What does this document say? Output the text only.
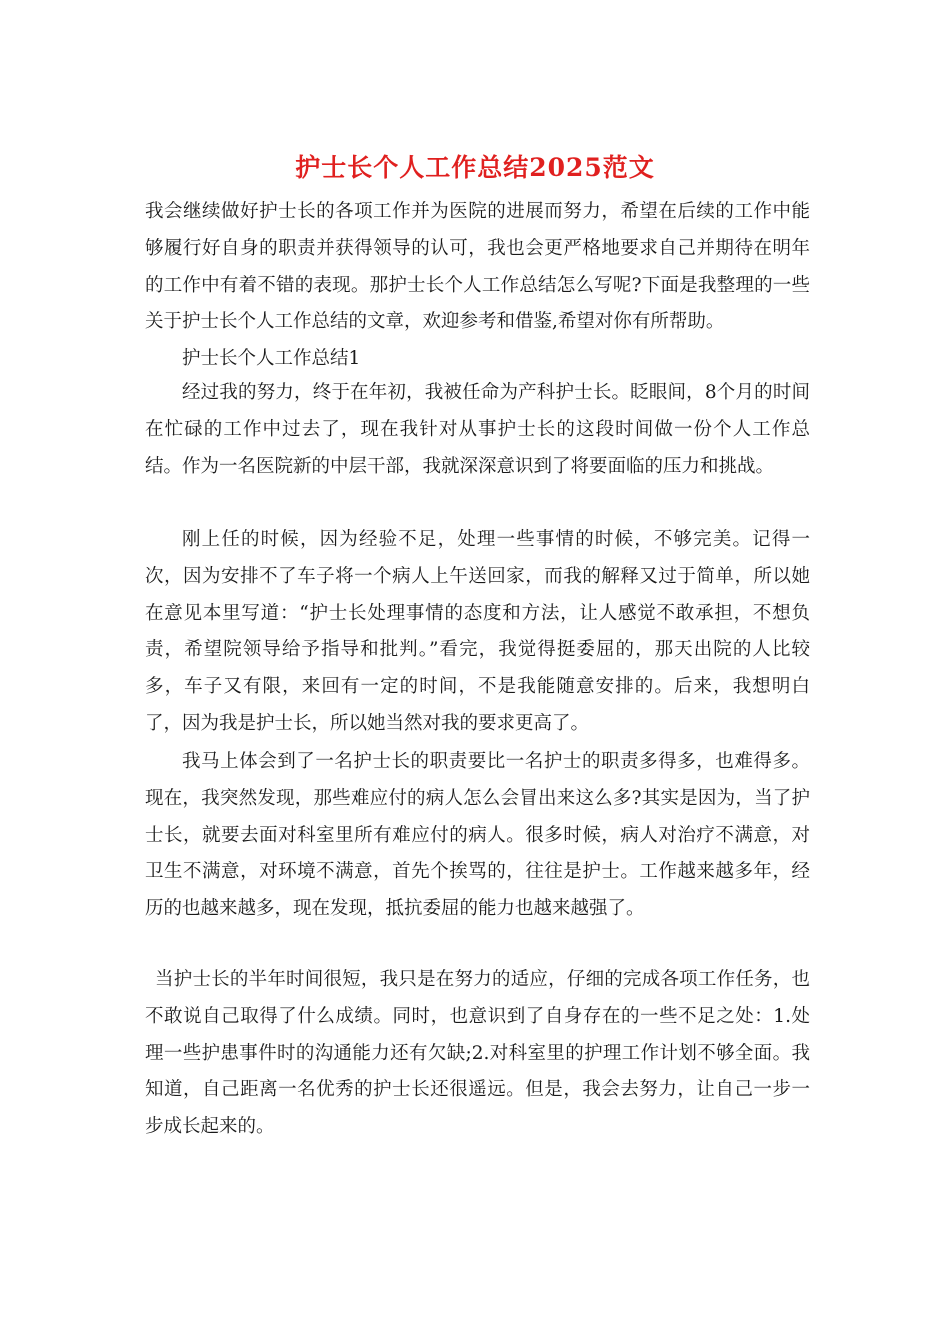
护士长个人工作总结2025范文

我会继续做好护士长的各项工作并为医院的进展而努力，希望在后续的工作中能够履行好自身的职责并获得领导的认可，我也会更严格地要求自己并期待在明年的工作中有着不错的表现。那护士长个人工作总结怎么写呢?下面是我整理的一些关于护士长个人工作总结的文章，欢迎参考和借鉴,希望对你有所帮助。

护士长个人工作总结1

经过我的努力，终于在年初，我被任命为产科护士长。眨眼间，8个月的时间在忙碌的工作中过去了，现在我针对从事护士长的这段时间做一份个人工作总结。作为一名医院新的中层干部，我就深深意识到了将要面临的压力和挑战。

刚上任的时候，因为经验不足，处理一些事情的时候，不够完美。记得一次，因为安排不了车子将一个病人上午送回家，而我的解释又过于简单，所以她在意见本里写道：“护士长处理事情的态度和方法，让人感觉不敢承担，不想负责，希望院领导给予指导和批判。”看完，我觉得挺委屈的，那天出院的人比较多，车子又有限，来回有一定的时间，不是我能随意安排的。后来，我想明白了，因为我是护士长，所以她当然对我的要求更高了。

我马上体会到了一名护士长的职责要比一名护士的职责多得多，也难得多。现在，我突然发现，那些难应付的病人怎么会冒出来这么多?其实是因为，当了护士长，就要去面对科室里所有难应付的病人。很多时候，病人对治疗不满意，对卫生不满意，对环境不满意，首先个挨骂的，往往是护士。工作越来越多年，经历的也越来越多，现在发现，抵抗委屈的能力也越来越强了。

当护士长的半年时间很短，我只是在努力的适应，仔细的完成各项工作任务，也不敢说自己取得了什么成绩。同时，也意识到了自身存在的一些不足之处：1.处理一些护患事件时的沟通能力还有欠缺;2.对科室里的护理工作计划不够全面。我知道，自己距离一名优秀的护士长还很遥远。但是，我会去努力，让自己一步一步成长起来的。
